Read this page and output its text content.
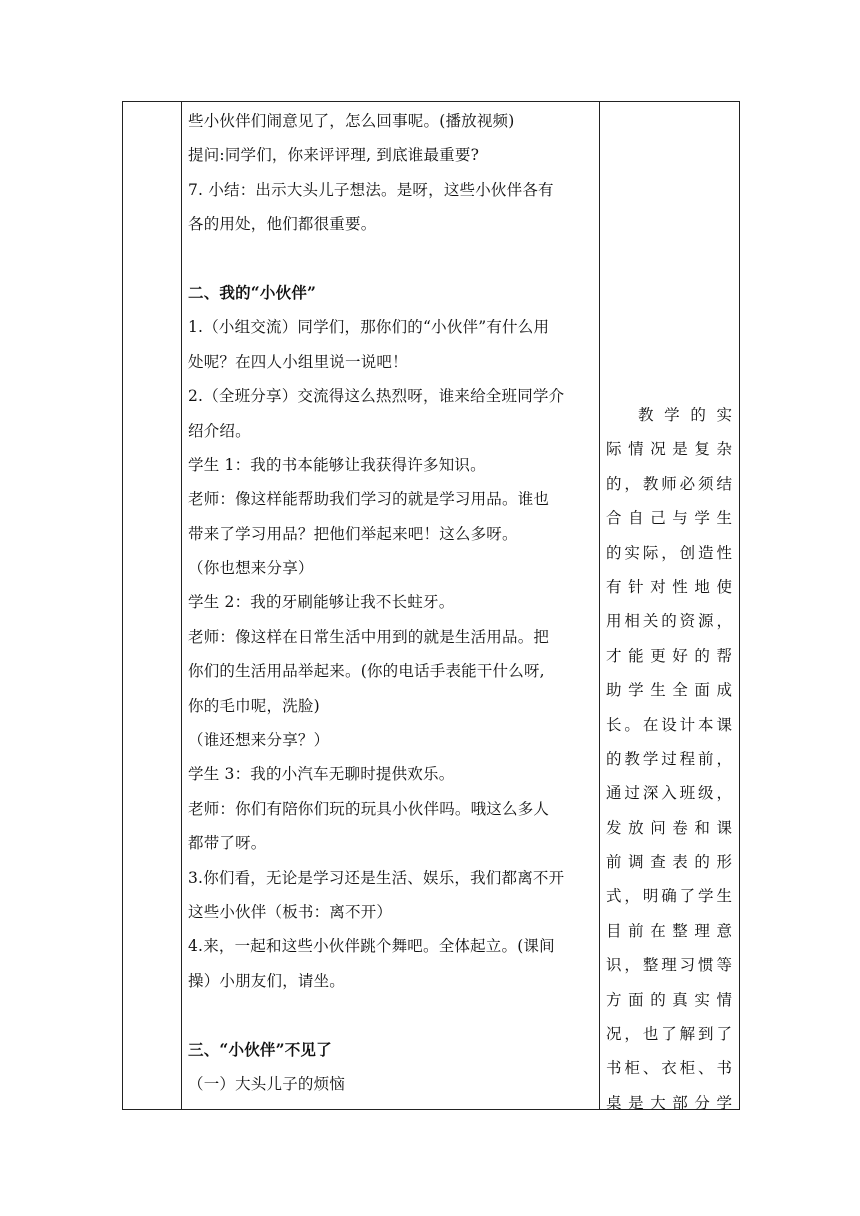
些小伙伴们闹意见了，怎么回事呢。(播放视频)
提问:同学们，你来评评理, 到底谁最重要?
7. 小结：出示大头儿子想法。是呀，这些小伙伴各有
各的用处，他们都很重要。
二、我的“小伙伴”
1.（小组交流）同学们，那你们的“小伙伴”有什么用
处呢？在四人小组里说一说吧！
2.（全班分享）交流得这么热烈呀，谁来给全班同学介
绍介绍。
学生 1：我的书本能够让我获得许多知识。
老师：像这样能帮助我们学习的就是学习用品。谁也
带来了学习用品？把他们举起来吧！这么多呀。
（你也想来分享）
学生 2：我的牙刷能够让我不长蛀牙。
老师：像这样在日常生活中用到的就是生活用品。把
你们的生活用品举起来。(你的电话手表能干什么呀,
你的毛巾呢，洗脸)
（谁还想来分享？）
学生 3：我的小汽车无聊时提供欢乐。
老师：你们有陪你们玩的玩具小伙伴吗。哦这么多人
都带了呀。
3.你们看，无论是学习还是生活、娱乐，我们都离不开
这些小伙伴（板书：离不开）
4.来，一起和这些小伙伴跳个舞吧。全体起立。(课间
操）小朋友们，请坐。
三、“小伙伴”不见了
（一）大头儿子的烦恼
教 学 的 实
际 情 况 是 复 杂
的 ， 教 师 必 须 结
合 自 己 与 学 生
的 实 际 ， 创 造 性
有 针 对 性 地 使
用 相 关 的 资 源 ，
才 能 更 好 的 帮
助 学 生 全 面 成
长 。 在 设 计 本 课
的 教 学 过 程 前 ，
通 过 深 入 班 级 ，
发 放 问 卷 和 课
前 调 查 表 的 形
式 ， 明 确 了 学 生
目 前 在 整 理 意
识 ， 整 理 习 惯 等
方 面 的 真 实 情
况 ， 也 了 解 到 了
书 柜 、 衣 柜 、 书
桌 是 大 部 分 学
